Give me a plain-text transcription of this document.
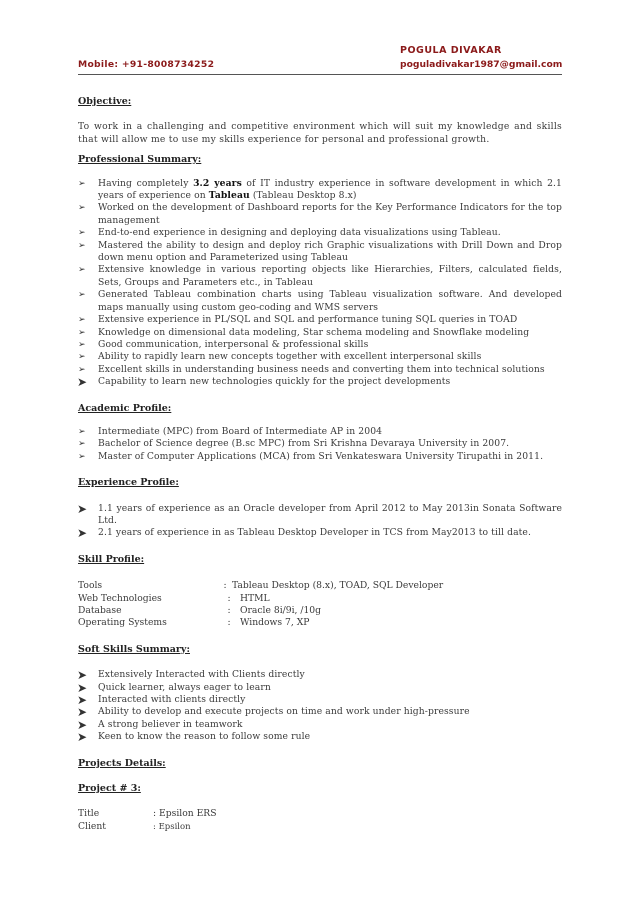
POGULA DIVAKAR
Mobile: +91-8008734252	poguladivakar1987@gmail.com

Objective:

To work in a challenging and competitive environment which will suit my knowledge and skills that will allow me to use my skills experience for personal and professional growth.

Professional Summary:

➢	Having completely 3.2 years of IT industry experience in software development in which 2.1 years of experience on Tableau (Tableau Desktop 8.x)
➢	Worked on the development of Dashboard reports for the Key Performance Indicators for the top management
➢	End-to-end experience in designing and deploying data visualizations using Tableau.
➢	Mastered the ability to design and deploy rich Graphic visualizations with Drill Down and Drop down menu option and Parameterized using Tableau
➢	Extensive knowledge in various reporting objects like Hierarchies, Filters, calculated fields, Sets, Groups and Parameters etc., in Tableau
➢	Generated Tableau combination charts using Tableau visualization software. And developed maps manually using custom geo-coding and WMS servers
➢	Extensive experience in PL/SQL and SQL and performance tuning SQL queries in TOAD
➢	Knowledge on dimensional data modeling, Star schema modeling and Snowflake modeling
➢	Good communication, interpersonal & professional skills
➢	Ability to rapidly learn new concepts together with excellent interpersonal skills
➢	Excellent skills in understanding business needs and converting them into technical solutions
➤	Capability to learn new technologies quickly for the project developments

Academic Profile:

➢	Intermediate (MPC) from Board of Intermediate AP in 2004
➢	Bachelor of Science degree (B.sc MPC) from Sri Krishna Devaraya University in 2007.
➢	Master of Computer Applications (MCA) from Sri Venkateswara University Tirupathi in 2011.

Experience Profile:

➤	1.1 years of experience as an Oracle developer from April 2012 to May 2013in Sonata Software Ltd.
➤	2.1 years of experience in as Tableau Desktop Developer in TCS from May2013 to till date.

Skill Profile:

Tools	: Tableau Desktop (8.x), TOAD, SQL Developer
Web Technologies	:	HTML
Database	:	Oracle 8i/9i, /10g
Operating Systems	:	Windows 7, XP

Soft Skills Summary:

➤	Extensively Interacted with Clients directly
➤	Quick learner, always eager to learn
➤	Interacted with clients directly
➤	Ability to develop and execute projects on time and work under high-pressure
➤	A strong believer in teamwork
➤	Keen to know the reason to follow some rule

Projects Details:

Project # 3:

Title	: Epsilon ERS
Client	: Epsilon
